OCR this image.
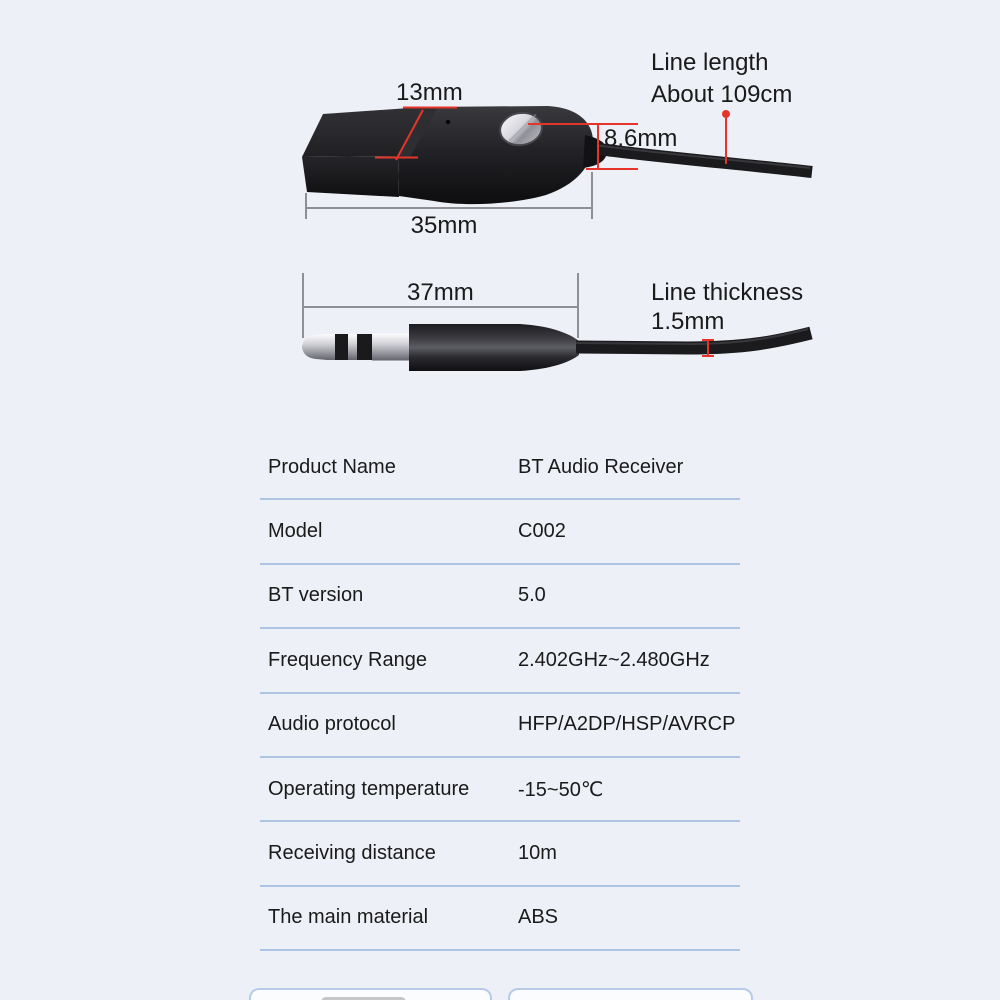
13mm
Line length
About 109cm
8.6mm
35mm
37mm	Line thickness
1.5mm
Product Name	BT Audio Receiver
Model	C002
BT version	5.0
Frequency Range	2.402GHz~2.480GHz
Audio protocol	HFP/A2DP/HSP/AVRCP
Operating temperature -15~50℃
Receiving distance	10m
The main material	ABS
